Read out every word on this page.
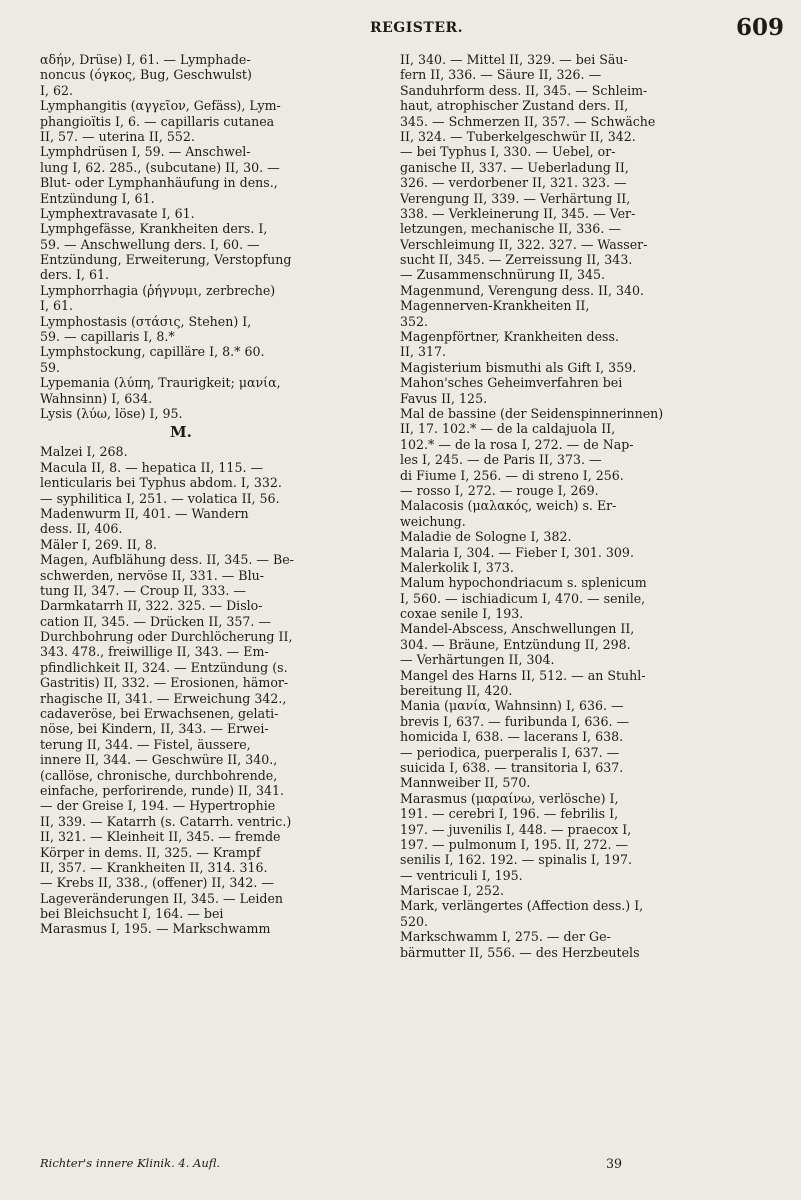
REGISTER.	609
αδήν, Drüse) I, 61. — Lymphade-
noncus (όγκος, Bug, Geschwulst)
I, 62.
Lymphangitis (αγγεῖον, Gefäss), Lym-
phangioïtis I, 6. — capillaris cutanea
II, 57. — uterina II, 552.
Lymphdrüsen I, 59. — Anschwel-
lung I, 62. 285., (subcutane) II, 30. —
Blut- oder Lymphanhäufung in dens.,
Entzündung I, 61.
Lymphextravasate I, 61.
Lymphgefässe, Krankheiten ders. I,
59. — Anschwellung ders. I, 60. —
Entzündung, Erweiterung, Verstopfung
ders. I, 61.
Lymphorrhagia (ῥήγνυμι, zerbreche)
I, 61.
Lymphostasis (στάσις, Stehen) I,
59. — capillaris I, 8.*
Lymphstockung, capilläre I, 8.* 60.
59.
Lypemania (λύπη, Traurigkeit; μανία,
Wahnsinn) I, 634.
Lysis (λύω, löse) I, 95.
M.
Malzei I, 268.
Macula II, 8. — hepatica II, 115. —
lenticularis bei Typhus abdom. I, 332.
— syphilitica I, 251. — volatica II, 56.
Madenwurm II, 401. — Wandern
dess. II, 406.
Mäler I, 269. II, 8.
Magen, Aufblähung dess. II, 345. — Be-
schwerden, nervöse II, 331. — Blu-
tung II, 347. — Croup II, 333. —
Darmkatarrh II, 322. 325. — Dislo-
cation II, 345. — Drücken II, 357. —
Durchbohrung oder Durchlöcherung II,
343. 478., freiwillige II, 343. — Em-
pfindlichkeit II, 324. — Entzündung (s.
Gastritis) II, 332. — Erosionen, hämor-
rhagische II, 341. — Erweichung 342.,
cadaveröse, bei Erwachsenen, gelati-
nöse, bei Kindern, II, 343. — Erwei-
terung II, 344. — Fistel, äussere,
innere II, 344. — Geschwüre II, 340.,
(callöse, chronische, durchbohrende,
einfache, perforirende, runde) II, 341.
— der Greise I, 194. — Hypertrophie
II, 339. — Katarrh (s. Catarrh. ventric.)
II, 321. — Kleinheit II, 345. — fremde
Körper in dems. II, 325. — Krampf
II, 357. — Krankheiten II, 314. 316.
— Krebs II, 338., (offener) II, 342. —
Lageveränderungen II, 345. — Leiden
bei Bleichsucht I, 164. — bei
Marasmus I, 195. — Markschwamm
II, 340. — Mittel II, 329. — bei Säu-
fern II, 336. — Säure II, 326. —
Sanduhrform dess. II, 345. — Schleim-
haut, atrophischer Zustand ders. II,
345. — Schmerzen II, 357. — Schwäche
II, 324. — Tuberkelgeschwür II, 342.
— bei Typhus I, 330. — Uebel, or-
ganische II, 337. — Ueberladung II,
326. — verdorbener II, 321. 323. —
Verengung II, 339. — Verhärtung II,
338. — Verkleinerung II, 345. — Ver-
letzungen, mechanische II, 336. —
Verschleimung II, 322. 327. — Wasser-
sucht II, 345. — Zerreissung II, 343.
— Zusammenschnürung II, 345.
Magenmund, Verengung dess. II, 340.
Magennerven-Krankheiten II,
352.
Magenpförtner, Krankheiten dess.
II, 317.
Magisterium bismuthi als Gift I, 359.
Mahon'sches Geheimverfahren bei
Favus II, 125.
Mal de bassine (der Seidenspinnerinnen)
II, 17. 102.* — de la caldajuola II,
102.* — de la rosa I, 272. — de Nap-
les I, 245. — de Paris II, 373. —
di Fiume I, 256. — di streno I, 256.
— rosso I, 272. — rouge I, 269.
Malacosis (μαλακός, weich) s. Er-
weichung.
Maladie de Sologne I, 382.
Malaria I, 304. — Fieber I, 301. 309.
Malerkolik I, 373.
Malum hypochondriacum s. splenicum
I, 560. — ischiadicum I, 470. — senile,
coxae senile I, 193.
Mandel-Abscess, Anschwellungen II,
304. — Bräune, Entzündung II, 298.
— Verhärtungen II, 304.
Mangel des Harns II, 512. — an Stuhl-
bereitung II, 420.
Mania (μανία, Wahnsinn) I, 636. —
brevis I, 637. — furibunda I, 636. —
homicida I, 638. — lacerans I, 638.
— periodica, puerperalis I, 637. —
suicida I, 638. — transitoria I, 637.
Mannweiber II, 570.
Marasmus (μαραίνω, verlösche) I,
191. — cerebri I, 196. — febrilis I,
197. — juvenilis I, 448. — praecox I,
197. — pulmonum I, 195. II, 272. —
senilis I, 162. 192. — spinalis I, 197.
— ventriculi I, 195.
Mariscae I, 252.
Mark, verlängertes (Affection dess.) I,
520.
Markschwamm I, 275. — der Ge-
bärmutter II, 556. — des Herzbeutels
Richter's innere Klinik. 4. Aufl.	39
